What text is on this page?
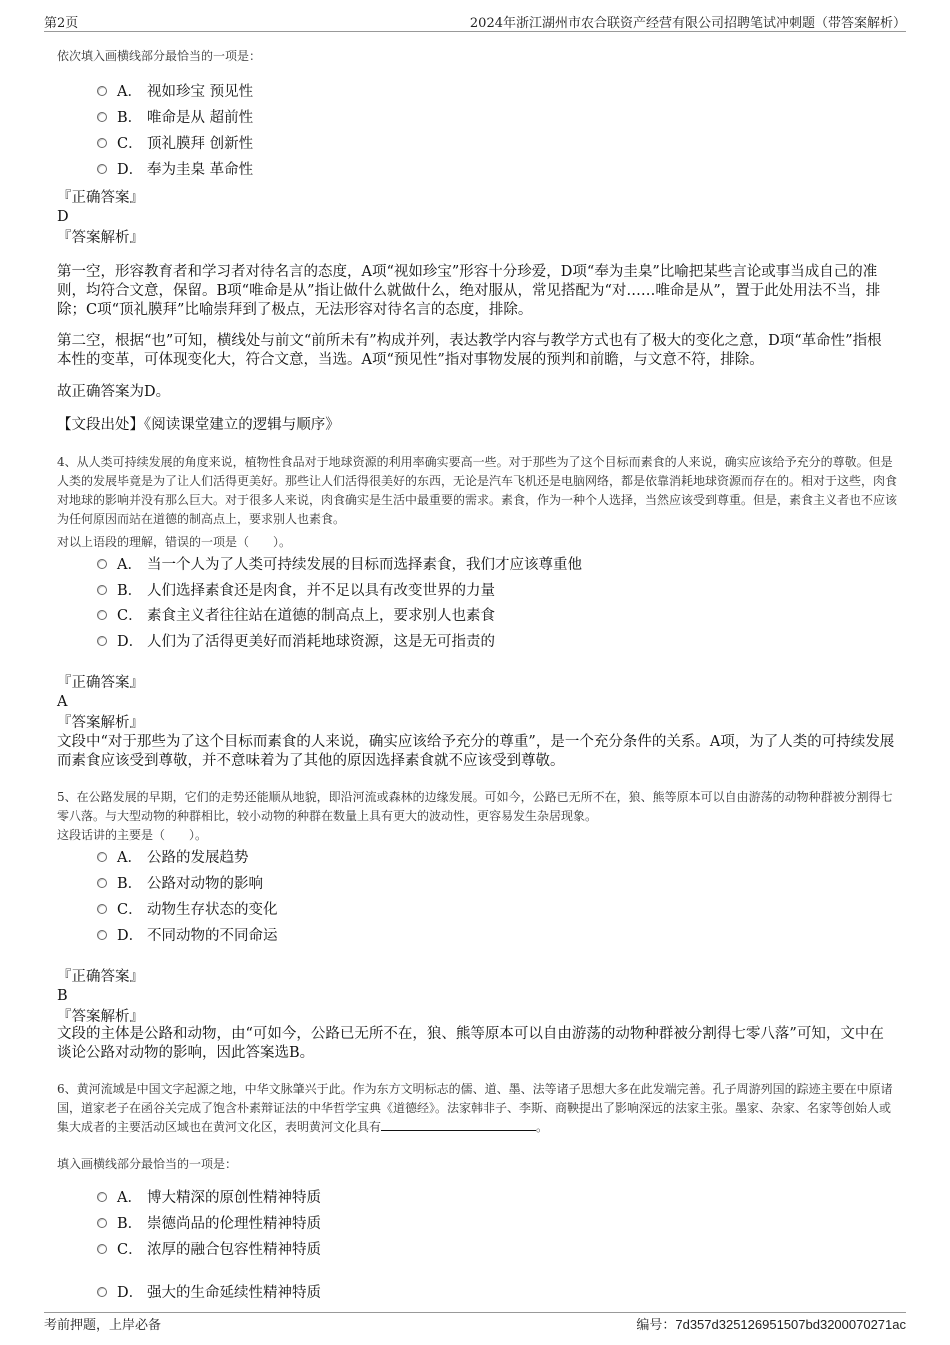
第2页	2024年浙江湖州市农合联资产经营有限公司招聘笔试冲刺题（带答案解析）
依次填入画横线部分最恰当的一项是：
A． 视如珍宝 预见性
B． 唯命是从 超前性
C． 顶礼膜拜 创新性
D． 奉为圭臬 革命性
『正确答案』
D
『答案解析』
第一空，形容教育者和学习者对待名言的态度，A项“视如珍宝”形容十分珍爱，D项“奉为圭臬”比喻把某些言论或事当成自己的准则，均符合文意，保留。B项“唯命是从”指让做什么就做什么，绝对服从，常见搭配为“对……唯命是从”，置于此处用法不当，排除；C项“顶礼膜拜”比喻崇拜到了极点，无法形容对待名言的态度，排除。
第二空，根据“也”可知，横线处与前文“前所未有”构成并列，表达教学内容与教学方式也有了极大的变化之意，D项“革命性”指根本性的变革，可体现变化大，符合文意，当选。A项“预见性”指对事物发展的预判和前瞻，与文意不符，排除。
故正确答案为D。
【文段出处】《阅读课堂建立的逻辑与顺序》
4、从人类可持续发展的角度来说，植物性食品对于地球资源的利用率确实要高一些。对于那些为了这个目标而素食的人来说，确实应该给予充分的尊敬。但是人类的发展毕竟是为了让人们活得更美好。那些让人们活得很美好的东西，无论是汽车飞机还是电脑网络，都是依靠消耗地球资源而存在的。相对于这些，肉食对地球的影响并没有那么巨大。对于很多人来说，肉食确实是生活中最重要的需求。素食，作为一种个人选择，当然应该受到尊重。但是，素食主义者也不应该为任何原因而站在道德的制高点上，要求别人也素食。
对以上语段的理解，错误的一项是（　　）。
A． 当一个人为了人类可持续发展的目标而选择素食，我们才应该尊重他
B． 人们选择素食还是肉食，并不足以具有改变世界的力量
C． 素食主义者往往站在道德的制高点上，要求别人也素食
D． 人们为了活得更美好而消耗地球资源，这是无可指责的
『正确答案』
A
『答案解析』
文段中“对于那些为了这个目标而素食的人来说，确实应该给予充分的尊重”，是一个充分条件的关系。A项，为了人类的可持续发展而素食应该受到尊敬，并不意味着为了其他的原因选择素食就不应该受到尊敬。
5、在公路发展的早期，它们的走势还能顺从地貌，即沿河流或森林的边缘发展。可如今，公路已无所不在，狼、熊等原本可以自由游荡的动物种群被分割得七零八落。与大型动物的种群相比，较小动物的种群在数量上具有更大的波动性，更容易发生杂居现象。
这段话讲的主要是（　　）。
A． 公路的发展趋势
B． 公路对动物的影响
C． 动物生存状态的变化
D． 不同动物的不同命运
『正确答案』
B
『答案解析』
文段的主体是公路和动物，由“可如今，公路已无所不在，狼、熊等原本可以自由游荡的动物种群被分割得七零八落”可知，文中在谈论公路对动物的影响，因此答案选B。
6、黄河流域是中国文字起源之地，中华文脉肇兴于此。作为东方文明标志的儒、道、墨、法等诸子思想大多在此发端完善。孔子周游列国的踪迹主要在中原诸国，道家老子在函谷关完成了饱含朴素辩证法的中华哲学宝典《道德经》。法家韩非子、李斯、商鞅提出了影响深远的法家主张。墨家、杂家、名家等创始人或集大成者的主要活动区域也在黄河文化区，表明黄河文化具有	。
填入画横线部分最恰当的一项是：
A． 博大精深的原创性精神特质
B． 崇德尚品的伦理性精神特质
C． 浓厚的融合包容性精神特质
D． 强大的生命延续性精神特质
考前押题，上岸必备	编号：7d357d325126951507bd3200070271ac
